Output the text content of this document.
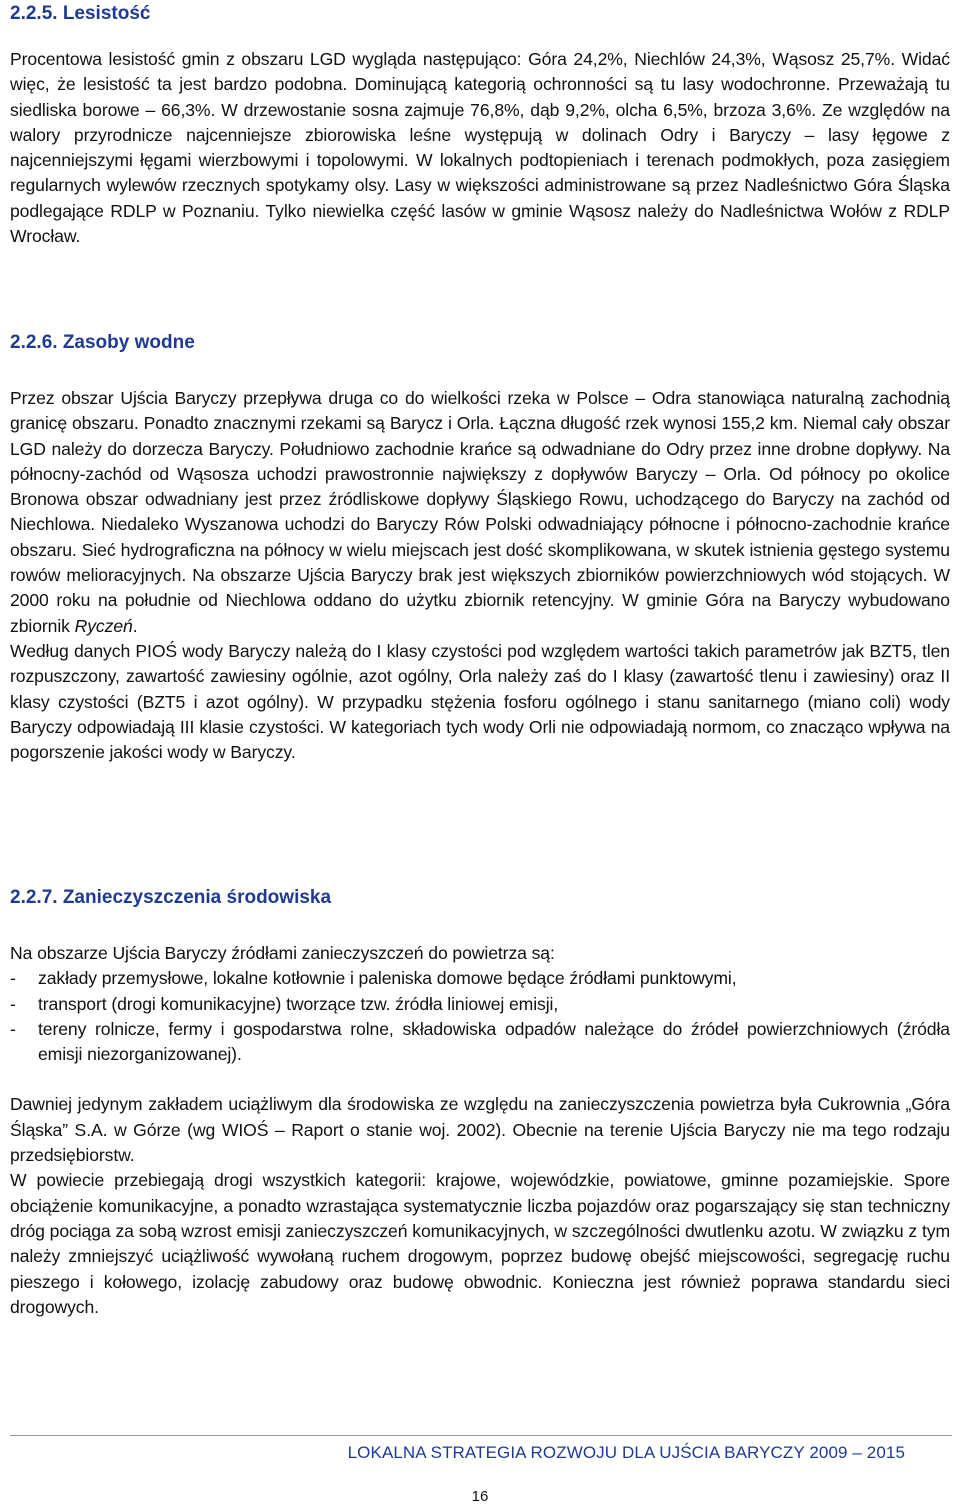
2.2.5. Lesistość

Procentowa lesistość gmin z obszaru LGD wygląda następująco: Góra 24,2%, Niechlów 24,3%, Wąsosz 25,7%. Widać więc, że lesistość ta jest bardzo podobna. Dominującą kategorią ochronności są tu lasy wodochronne. Przeważają tu siedliska borowe – 66,3%. W drzewostanie sosna zajmuje 76,8%, dąb 9,2%, olcha 6,5%, brzoza 3,6%. Ze względów na walory przyrodnicze najcenniejsze zbiorowiska leśne występują w dolinach Odry i Baryczy – lasy łęgowe z najcenniejszymi łęgami wierzbowymi i topolowymi. W lokalnych podtopieniach i terenach podmokłych, poza zasięgiem regularnych wylewów rzecznych spotykamy olsy. Lasy w większości administrowane są przez Nadleśnictwo Góra Śląska podlegające RDLP w Poznaniu. Tylko niewielka część lasów w gminie Wąsosz należy do Nadleśnictwa Wołów z RDLP Wrocław.

2.2.6. Zasoby wodne

Przez obszar Ujścia Baryczy przepływa druga co do wielkości rzeka w Polsce – Odra stanowiąca naturalną zachodnią granicę obszaru. Ponadto znacznymi rzekami są Barycz i Orla. Łączna długość rzek wynosi 155,2 km. Niemal cały obszar LGD należy do dorzecza Baryczy. Południowo zachodnie krańce są odwadniane do Odry przez inne drobne dopływy. Na północny-zachód od Wąsosza uchodzi prawostronnie największy z dopływów Baryczy – Orla. Od północy po okolice Bronowa obszar odwadniany jest przez źródliskowe dopływy Śląskiego Rowu, uchodzącego do Baryczy na zachód od Niechlowa. Niedaleko Wyszanowa uchodzi do Baryczy Rów Polski odwadniający północne i północno-zachodnie krańce obszaru. Sieć hydrograficzna na północy w wielu miejscach jest dość skomplikowana, w skutek istnienia gęstego systemu rowów melioracyjnych. Na obszarze Ujścia Baryczy brak jest większych zbiorników powierzchniowych wód stojących. W 2000 roku na południe od Niechlowa oddano do użytku zbiornik retencyjny. W gminie Góra na Baryczy wybudowano zbiornik Ryczeń.

Według danych PIOŚ wody Baryczy należą do I klasy czystości pod względem wartości takich parametrów jak BZT5, tlen rozpuszczony, zawartość zawiesiny ogólnie, azot ogólny, Orla należy zaś do I klasy (zawartość tlenu i zawiesiny) oraz II klasy czystości (BZT5 i azot ogólny). W przypadku stężenia fosforu ogólnego i stanu sanitarnego (miano coli) wody Baryczy odpowiadają III klasie czystości. W kategoriach tych wody Orli nie odpowiadają normom, co znacząco wpływa na pogorszenie jakości wody w Baryczy.

2.2.7. Zanieczyszczenia środowiska

Na obszarze Ujścia Baryczy źródłami zanieczyszczeń do powietrza są:

- zakłady przemysłowe, lokalne kotłownie i paleniska domowe będące źródłami punktowymi,
- transport (drogi komunikacyjne) tworzące tzw. źródła liniowej emisji,
- tereny rolnicze, fermy i gospodarstwa rolne, składowiska odpadów należące do źródeł powierzchniowych (źródła emisji niezorganizowanej).

Dawniej jedynym zakładem uciążliwym dla środowiska ze względu na zanieczyszczenia powietrza była Cukrownia „Góra Śląska” S.A. w Górze (wg WIOŚ – Raport o stanie woj. 2002). Obecnie na terenie Ujścia Baryczy nie ma tego rodzaju przedsiębiorstw.

W powiecie przebiegają drogi wszystkich kategorii: krajowe, wojewódzkie, powiatowe, gminne pozamiejskie. Spore obciążenie komunikacyjne, a ponadto wzrastająca systematycznie liczba pojazdów oraz pogarszający się stan techniczny dróg pociąga za sobą wzrost emisji zanieczyszczeń komunikacyjnych, w szczególności dwutlenku azotu. W związku z tym należy zmniejszyć uciążliwość wywołaną ruchem drogowym, poprzez budowę obejść miejscowości, segregację ruchu pieszego i kołowego, izolację zabudowy oraz budowę obwodnic. Konieczna jest również poprawa standardu sieci drogowych.

LOKALNA STRATEGIA ROZWOJU DLA UJŚCIA BARYCZY 2009 – 2015
16
